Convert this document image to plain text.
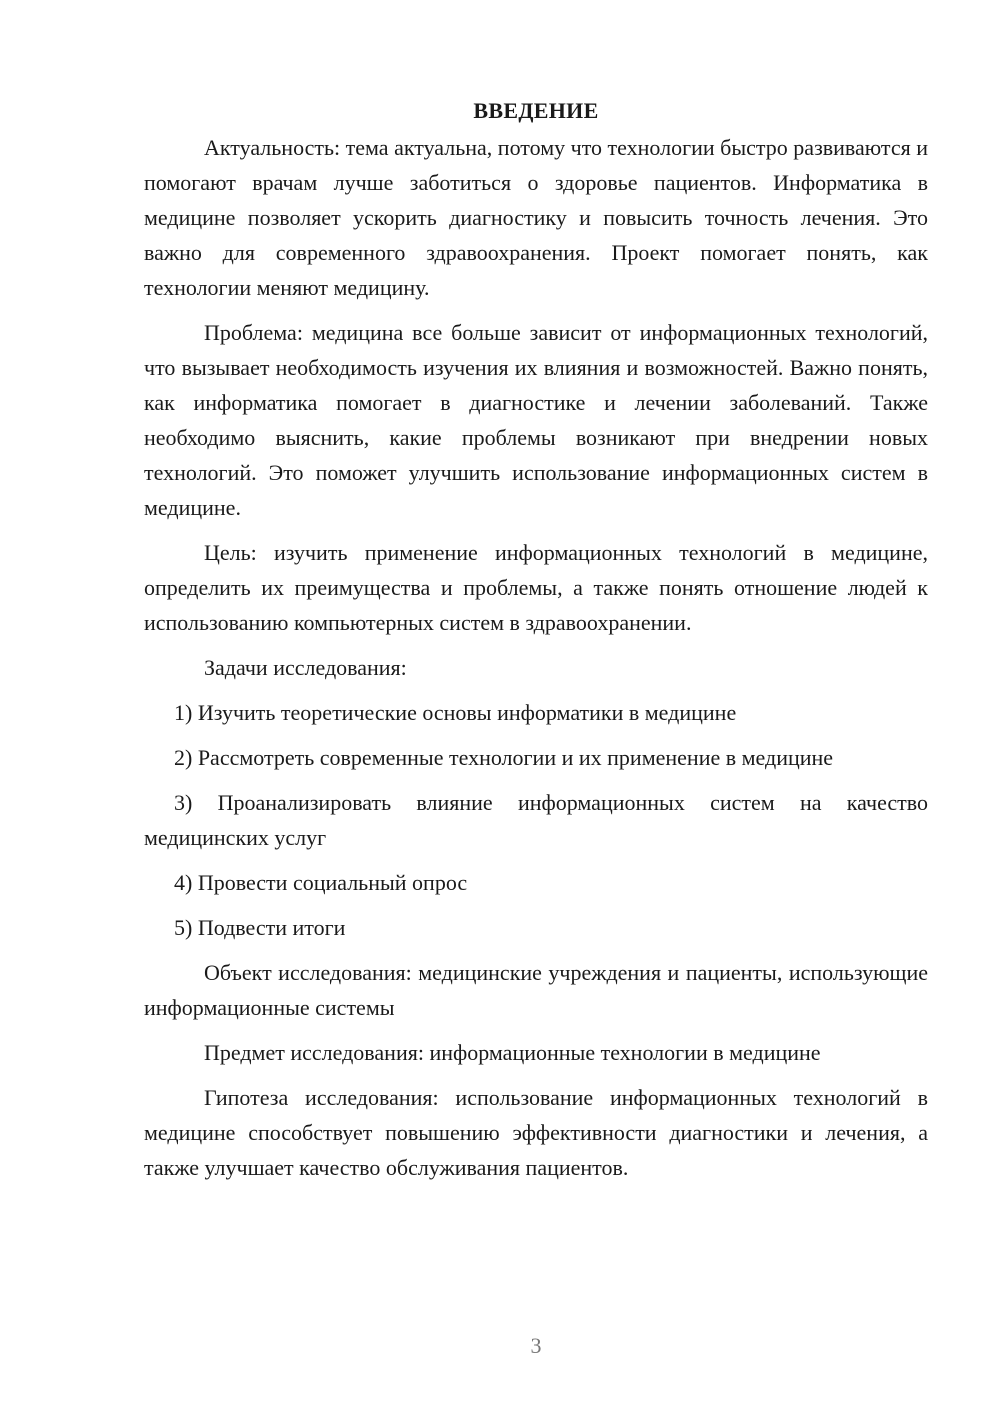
ВВЕДЕНИЕ

Актуальность: тема актуальна, потому что технологии быстро развиваются и помогают врачам лучше заботиться о здоровье пациентов. Информатика в медицине позволяет ускорить диагностику и повысить точность лечения. Это важно для современного здравоохранения. Проект помогает понять, как технологии меняют медицину.

Проблема: медицина все больше зависит от информационных технологий, что вызывает необходимость изучения их влияния и возможностей. Важно понять, как информатика помогает в диагностике и лечении заболеваний. Также необходимо выяснить, какие проблемы возникают при внедрении новых технологий. Это поможет улучшить использование информационных систем в медицине.

Цель: изучить применение информационных технологий в медицине, определить их преимущества и проблемы, а также понять отношение людей к использованию компьютерных систем в здравоохранении.

Задачи исследования:

1) Изучить теоретические основы информатики в медицине

2) Рассмотреть современные технологии и их применение в медицине

3) Проанализировать влияние информационных систем на качество медицинских услуг

4) Провести социальный опрос

5) Подвести итоги

Объект исследования: медицинские учреждения и пациенты, использующие информационные системы

Предмет исследования: информационные технологии в медицине

Гипотеза исследования: использование информационных технологий в медицине способствует повышению эффективности диагностики и лечения, а также улучшает качество обслуживания пациентов.

3
